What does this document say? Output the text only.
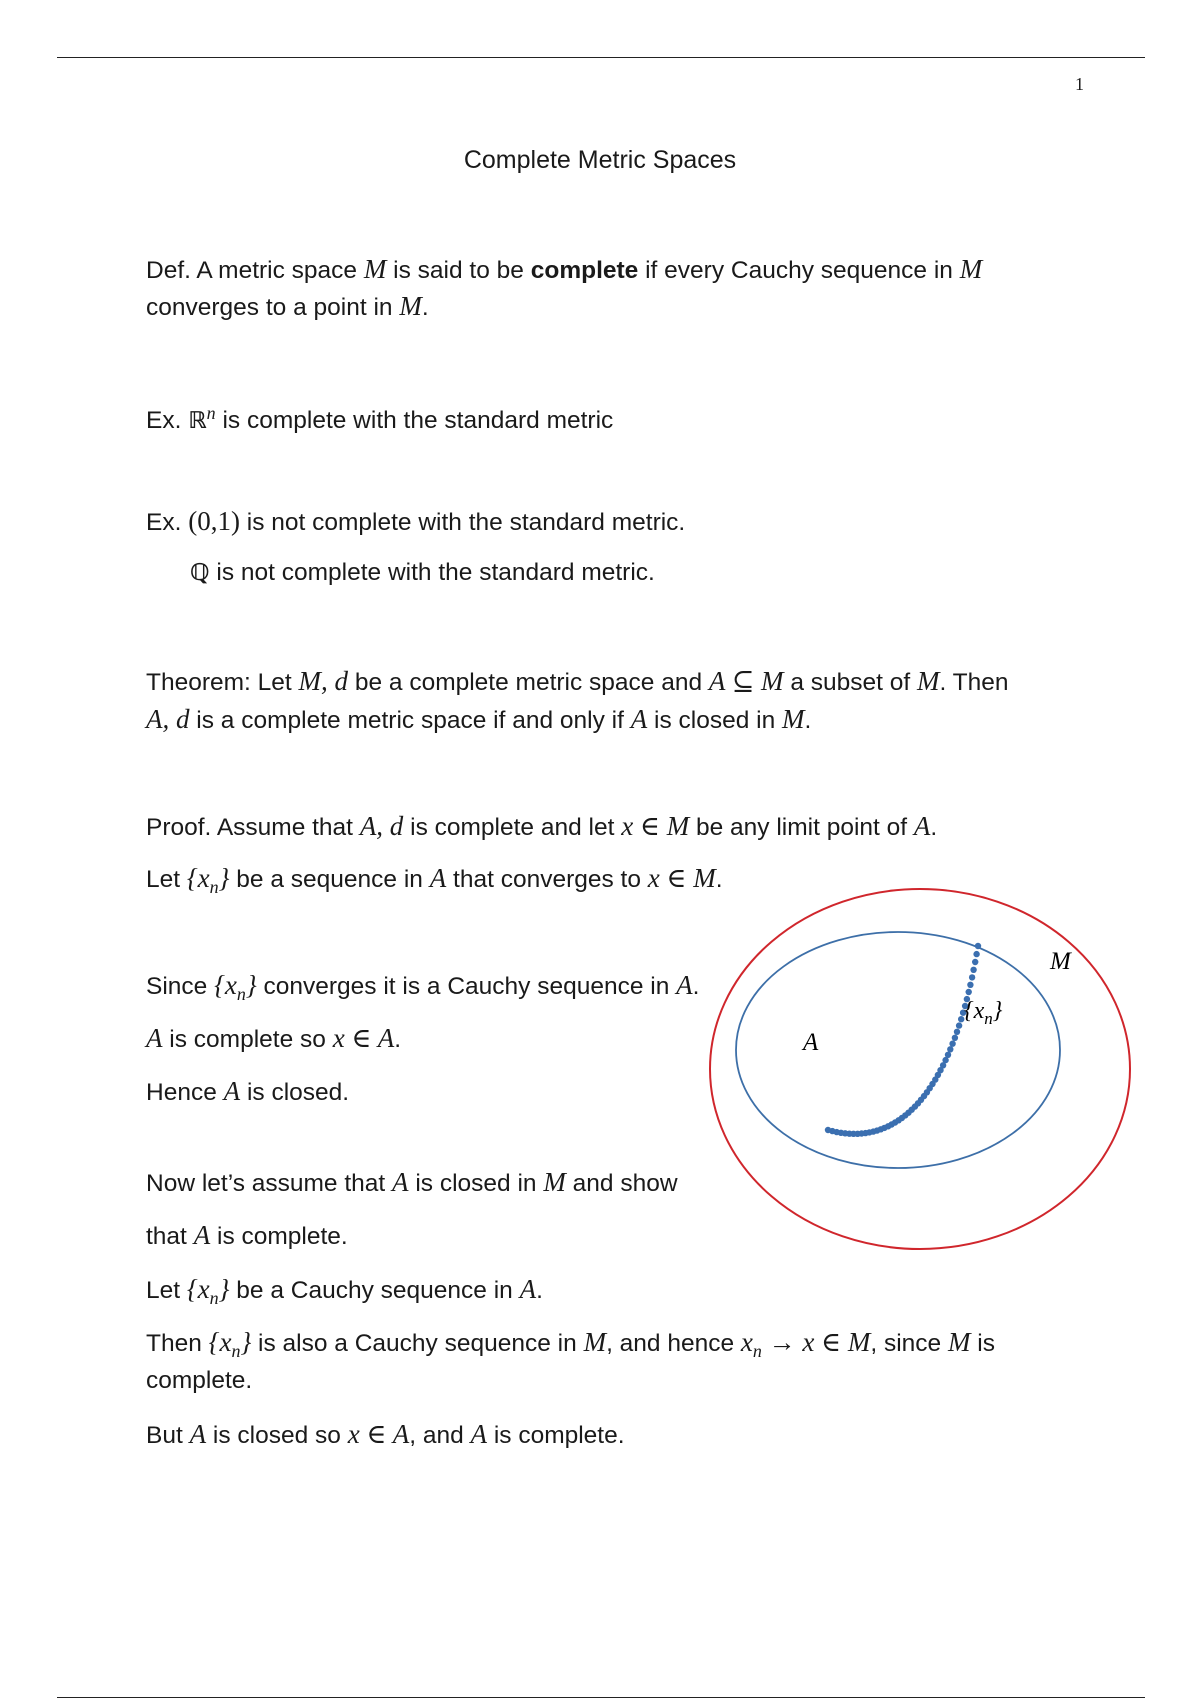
1
Complete Metric Spaces
Def. A metric space M is said to be complete if every Cauchy sequence in M
converges to a point in M.
Ex. ℝ$^n$ is complete with the standard metric
Ex. (0,1) is not complete with the standard metric.
ℚ is not complete with the standard metric.
Theorem: Let M, d be a complete metric space and A ⊆ M a subset of M. Then
A, d is a complete metric space if and only if A is closed in M.
Proof. Assume that A, d is complete and let x ∈ M be any limit point of A.
Let $\{x_n\}$ be a sequence in A that converges to x ∈ M.
Since $\{x_n\}$ converges it is a Cauchy sequence in A.
A is complete so x ∈ A.
Hence A is closed.
Now let’s assume that A is closed in M and show
that A is complete.
Let $\{x_n\}$ be a Cauchy sequence in A.
Then $\{x_n\}$ is also a Cauchy sequence in M, and hence $x_n \to x$ ∈ M, since M is
complete.
But A is closed so x ∈ A, and A is complete.
M
A
$\{x_n\}$
